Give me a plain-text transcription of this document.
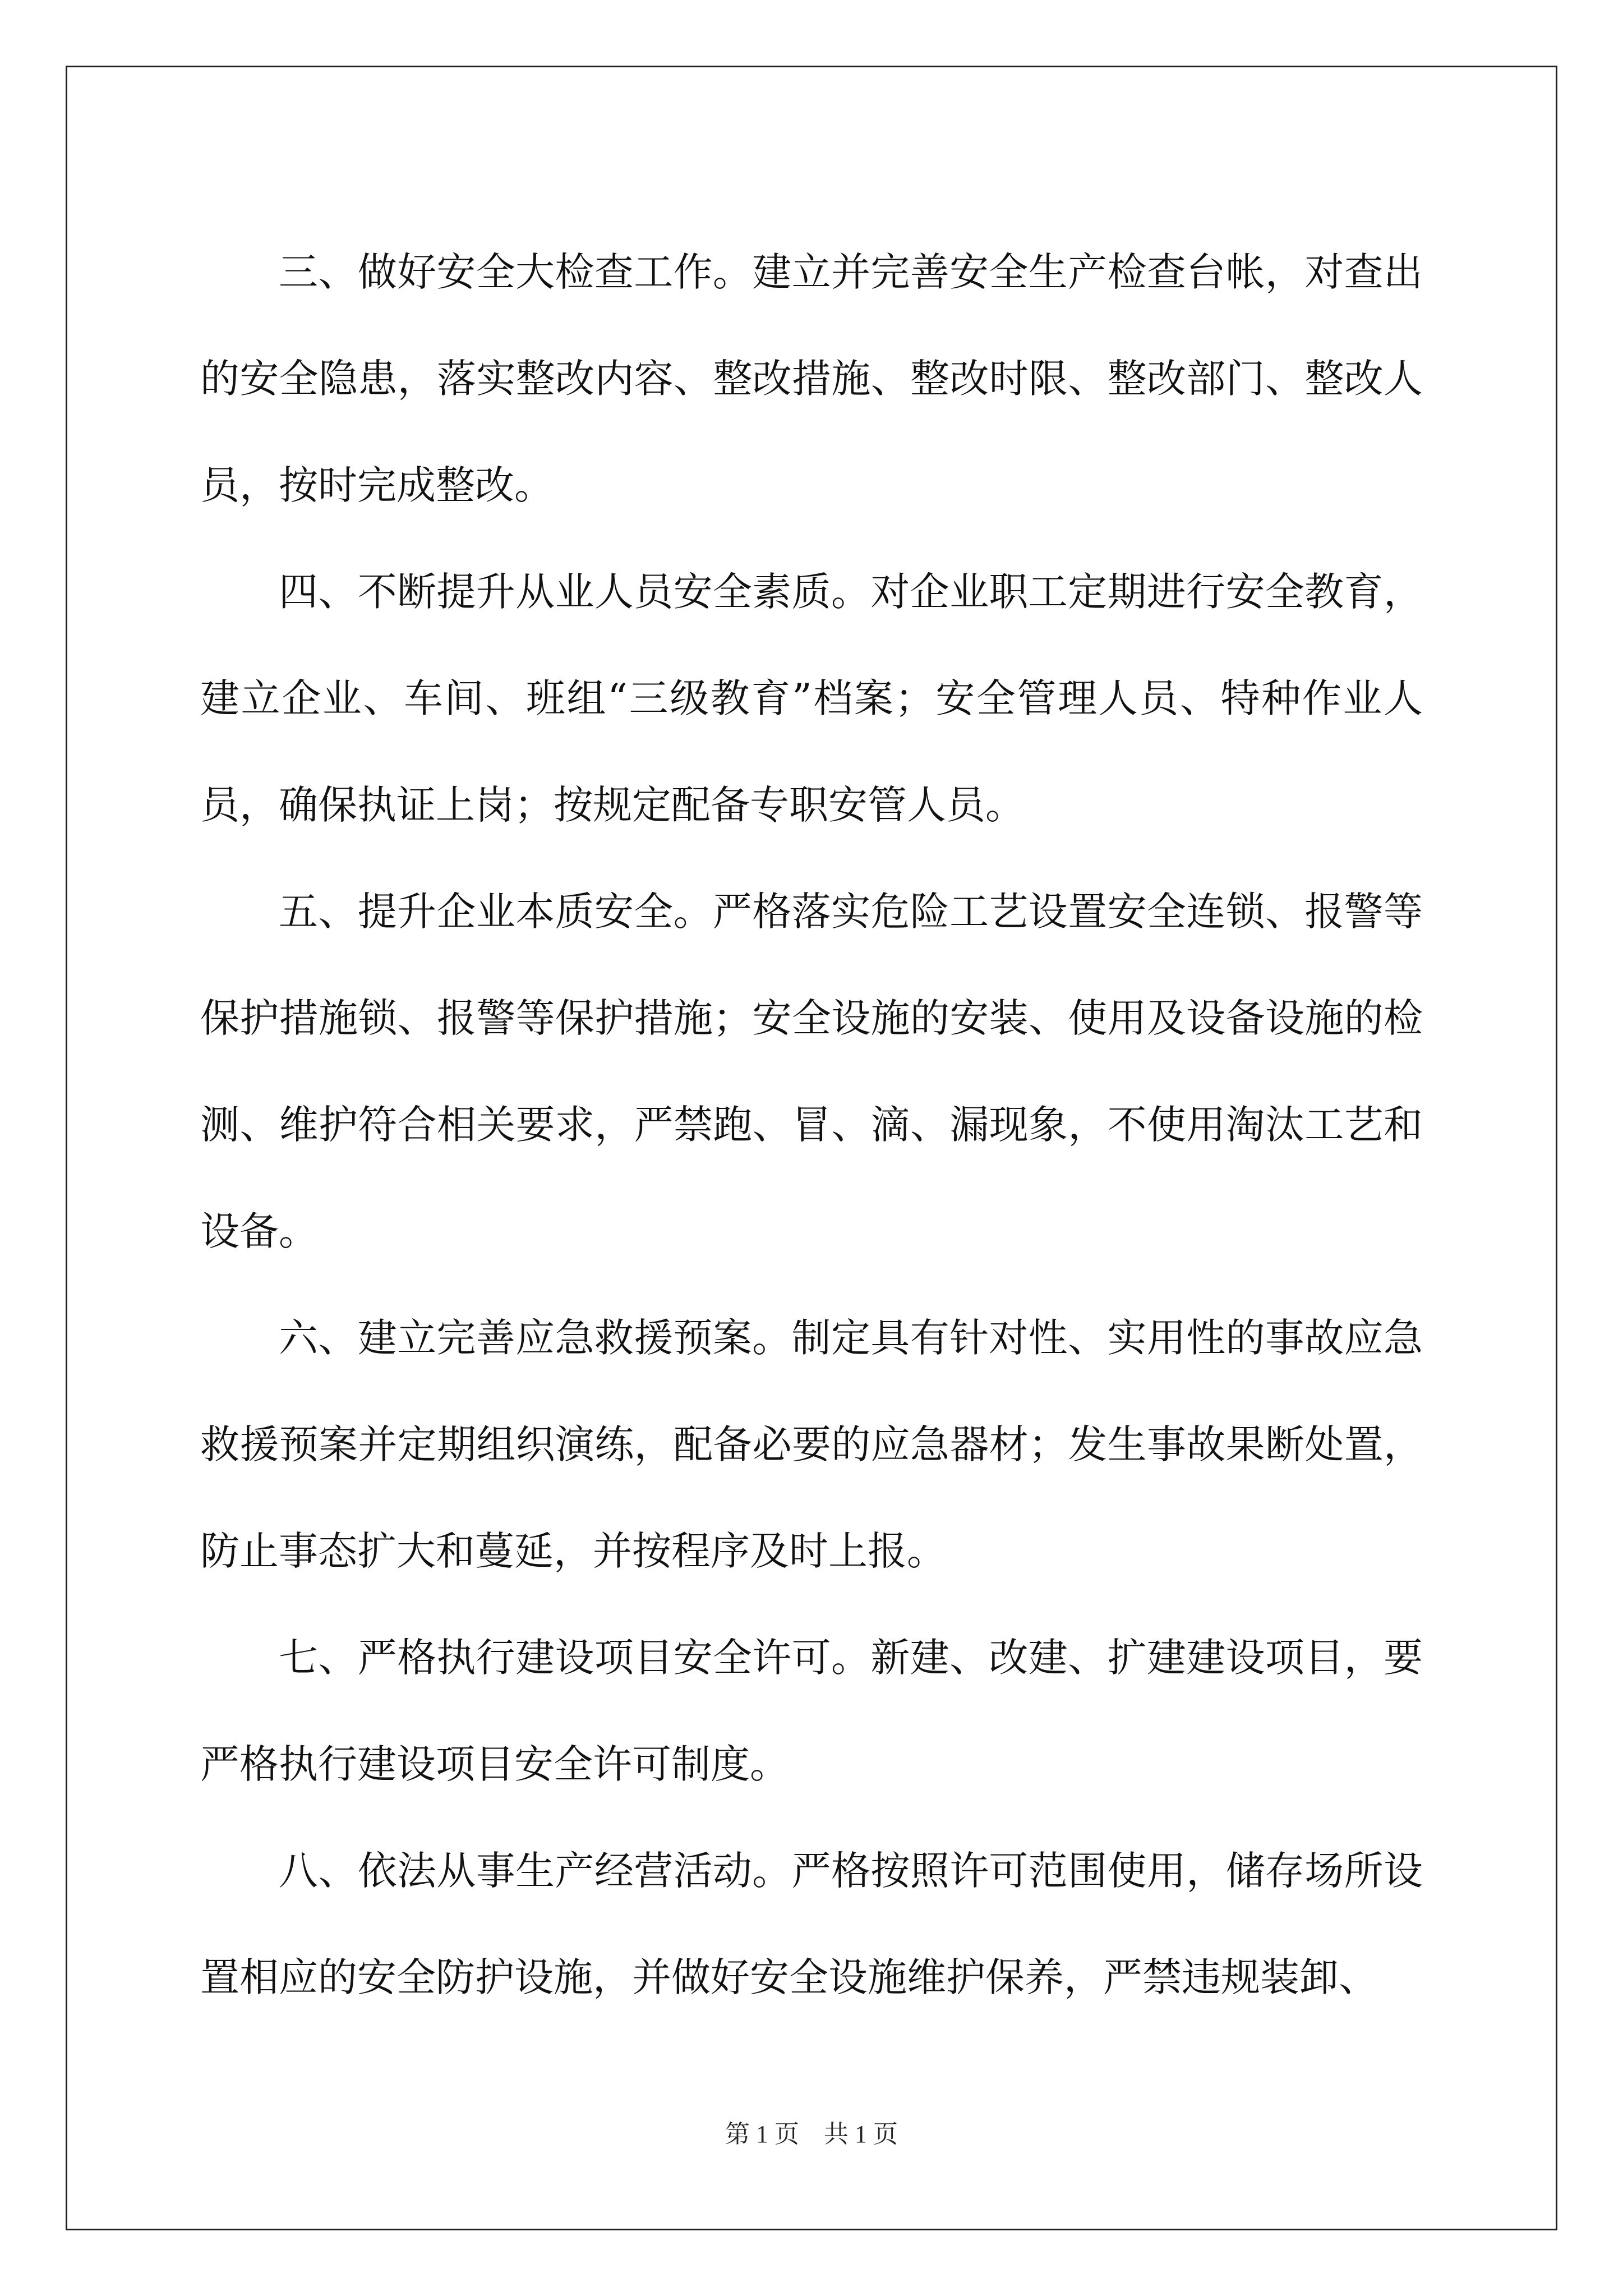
三、做好安全大检查工作。建立并完善安全生产检查台帐，对查出的安全隐患，落实整改内容、整改措施、整改时限、整改部门、整改人员，按时完成整改。

四、不断提升从业人员安全素质。对企业职工定期进行安全教育，建立企业、车间、班组“三级教育”档案；安全管理人员、特种作业人员，确保执证上岗；按规定配备专职安管人员。

五、提升企业本质安全。严格落实危险工艺设置安全连锁、报警等保护措施锁、报警等保护措施；安全设施的安装、使用及设备设施的检测、维护符合相关要求，严禁跑、冒、滴、漏现象，不使用淘汰工艺和设备。

六、建立完善应急救援预案。制定具有针对性、实用性的事故应急救援预案并定期组织演练，配备必要的应急器材；发生事故果断处置，防止事态扩大和蔓延，并按程序及时上报。

七、严格执行建设项目安全许可。新建、改建、扩建建设项目，要严格执行建设项目安全许可制度。

八、依法从事生产经营活动。严格按照许可范围使用，储存场所设置相应的安全防护设施，并做好安全设施维护保养，严禁违规装卸、

第 1 页　共 1 页
